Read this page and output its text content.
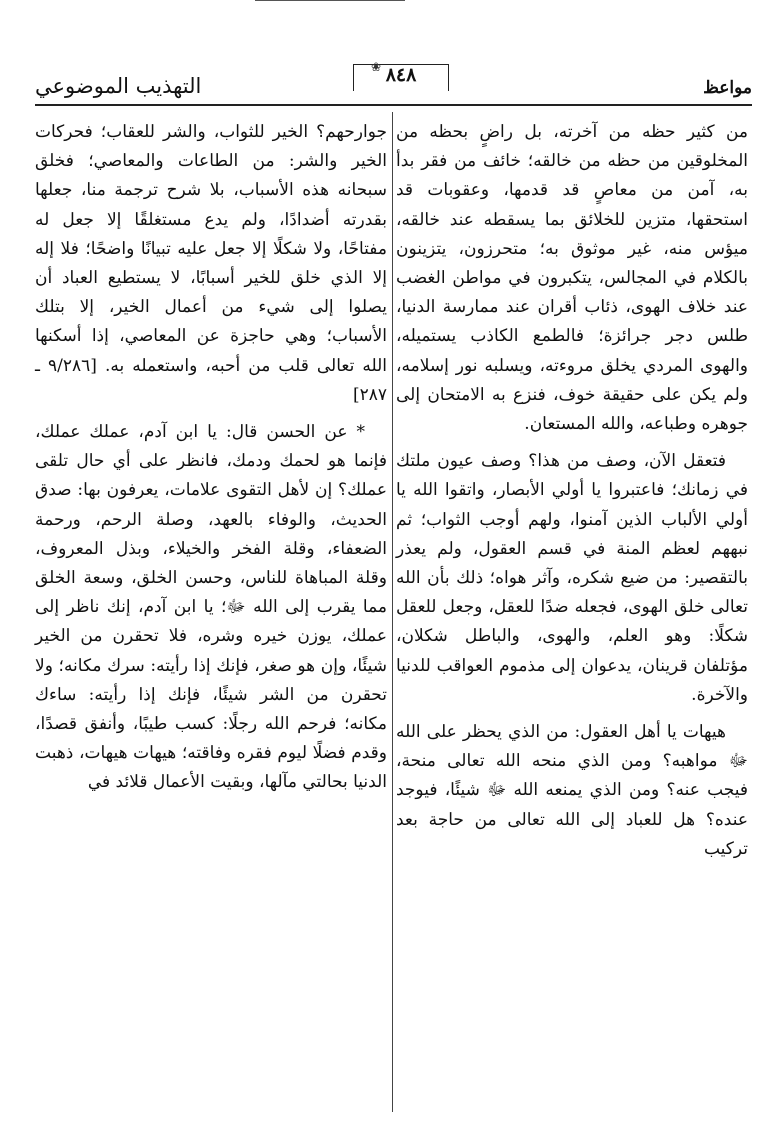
مواعظ
❀ ٨٤٨
التهذيب الموضوعي

من كثير حظه من آخرته، بل راضٍ بحظه من المخلوقين من حظه من خالقه؛ خائف من فقر بدأ به، آمن من معاصٍ قد قدمها، وعقوبات قد استحقها، متزين للخلائق بما يسقطه عند خالقه، ميؤس منه، غير موثوق به؛ متحرزون، يتزينون بالكلام في المجالس، يتكبرون في مواطن الغضب عند خلاف الهوى، ذئاب أقران عند ممارسة الدنيا، طلس دجر جرائزة؛ فالطمع الكاذب يستميله، والهوى المردي يخلق مروءته، ويسلبه نور إسلامه، ولم يكن على حقيقة خوف، فنزع به الامتحان إلى جوهره وطباعه، والله المستعان.

فتعقل الآن، وصف من هذا؟ وصف عيون ملتك في زمانك؛ فاعتبروا يا أولي الأبصار، واتقوا الله يا أولي الألباب الذين آمنوا، ولهم أوجب الثواب؛ ثم نبههم لعظم المنة في قسم العقول، ولم يعذر بالتقصير: من ضيع شكره، وآثر هواه؛ ذلك بأن الله تعالى خلق الهوى، فجعله ضدًا للعقل، وجعل للعقل شكلًا: وهو العلم، والهوى، والباطل شكلان، مؤتلفان قرينان، يدعوان إلى مذموم العواقب للدنيا والآخرة.

هيهات يا أهل العقول: من الذي يحظر على الله ﷻ مواهبه؟ ومن الذي منحه الله تعالى منحة، فيجب عنه؟ ومن الذي يمنعه الله ﷻ شيئًا، فيوجد عنده؟ هل للعباد إلى الله تعالى من حاجة بعد تركيب

جوارحهم؟ الخير للثواب، والشر للعقاب؛ فحركات الخير والشر: من الطاعات والمعاصي؛ فخلق سبحانه هذه الأسباب، بلا شرح ترجمة منا، جعلها بقدرته أضدادًا، ولم يدع مستغلقًا إلا جعل له مفتاحًا، ولا شكلًا إلا جعل عليه تبيانًا واضحًا؛ فلا إله إلا الذي خلق للخير أسبابًا، لا يستطيع العباد أن يصلوا إلى شيء من أعمال الخير، إلا بتلك الأسباب؛ وهي حاجزة عن المعاصي، إذا أسكنها الله تعالى قلب من أحبه، واستعمله به. [٩/٢٨٦ ـ ٢٨٧]

* عن الحسن قال: يا ابن آدم، عملك عملك، فإنما هو لحمك ودمك، فانظر على أي حال تلقى عملك؟ إن لأهل التقوى علامات، يعرفون بها: صدق الحديث، والوفاء بالعهد، وصلة الرحم، ورحمة الضعفاء، وقلة الفخر والخيلاء، وبذل المعروف، وقلة المباهاة للناس، وحسن الخلق، وسعة الخلق مما يقرب إلى الله ﷻ؛ يا ابن آدم، إنك ناظر إلى عملك، يوزن خيره وشره، فلا تحقرن من الخير شيئًا، وإن هو صغر، فإنك إذا رأيته: سرك مكانه؛ ولا تحقرن من الشر شيئًا، فإنك إذا رأيته: ساءك مكانه؛ فرحم الله رجلًا: كسب طيبًا، وأنفق قصدًا، وقدم فضلًا ليوم فقره وفاقته؛ هيهات هيهات، ذهبت الدنيا بحالتي مآلها، وبقيت الأعمال قلائد في
